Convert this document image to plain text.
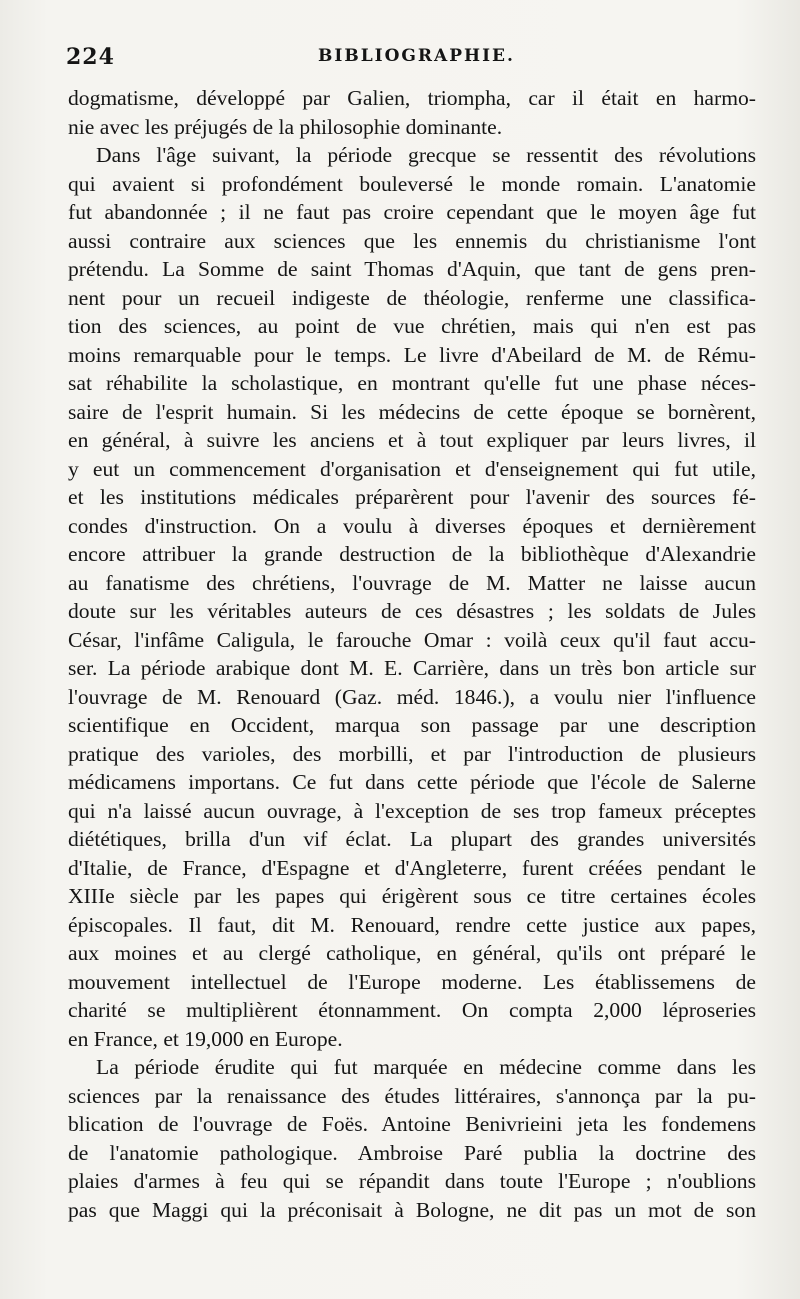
224	BIBLIOGRAPHIE.

dogmatisme, développé par Galien, triompha, car il était en harmo-
nie avec les préjugés de la philosophie dominante.

Dans l'âge suivant, la période grecque se ressentit des révolutions
qui avaient si profondément bouleversé le monde romain. L'anatomie
fut abandonnée ; il ne faut pas croire cependant que le moyen âge fut
aussi contraire aux sciences que les ennemis du christianisme l'ont
prétendu. La Somme de saint Thomas d'Aquin, que tant de gens pren-
nent pour un recueil indigeste de théologie, renferme une classifica-
tion des sciences, au point de vue chrétien, mais qui n'en est pas
moins remarquable pour le temps. Le livre d'Abeilard de M. de Rému-
sat réhabilite la scholastique, en montrant qu'elle fut une phase néces-
saire de l'esprit humain. Si les médecins de cette époque se bornèrent,
en général, à suivre les anciens et à tout expliquer par leurs livres, il
y eut un commencement d'organisation et d'enseignement qui fut utile,
et les institutions médicales préparèrent pour l'avenir des sources fé-
condes d'instruction. On a voulu à diverses époques et dernièrement
encore attribuer la grande destruction de la bibliothèque d'Alexandrie
au fanatisme des chrétiens, l'ouvrage de M. Matter ne laisse aucun
doute sur les véritables auteurs de ces désastres ; les soldats de Jules
César, l'infâme Caligula, le farouche Omar : voilà ceux qu'il faut accu-
ser. La période arabique dont M. E. Carrière, dans un très bon article sur
l'ouvrage de M. Renouard (Gaz. méd. 1846.), a voulu nier l'influence
scientifique en Occident, marqua son passage par une description
pratique des varioles, des morbilli, et par l'introduction de plusieurs
médicamens importans. Ce fut dans cette période que l'école de Salerne
qui n'a laissé aucun ouvrage, à l'exception de ses trop fameux préceptes
diététiques, brilla d'un vif éclat. La plupart des grandes universités
d'Italie, de France, d'Espagne et d'Angleterre, furent créées pendant le
XIIIe siècle par les papes qui érigèrent sous ce titre certaines écoles
épiscopales. Il faut, dit M. Renouard, rendre cette justice aux papes,
aux moines et au clergé catholique, en général, qu'ils ont préparé le
mouvement intellectuel de l'Europe moderne. Les établissemens de
charité se multiplièrent étonnamment. On compta 2,000 léproseries
en France, et 19,000 en Europe.

La période érudite qui fut marquée en médecine comme dans les
sciences par la renaissance des études littéraires, s'annonça par la pu-
blication de l'ouvrage de Foës. Antoine Benivrieini jeta les fondemens
de l'anatomie pathologique. Ambroise Paré publia la doctrine des
plaies d'armes à feu qui se répandit dans toute l'Europe ; n'oublions
pas que Maggi qui la préconisait à Bologne, ne dit pas un mot de son
